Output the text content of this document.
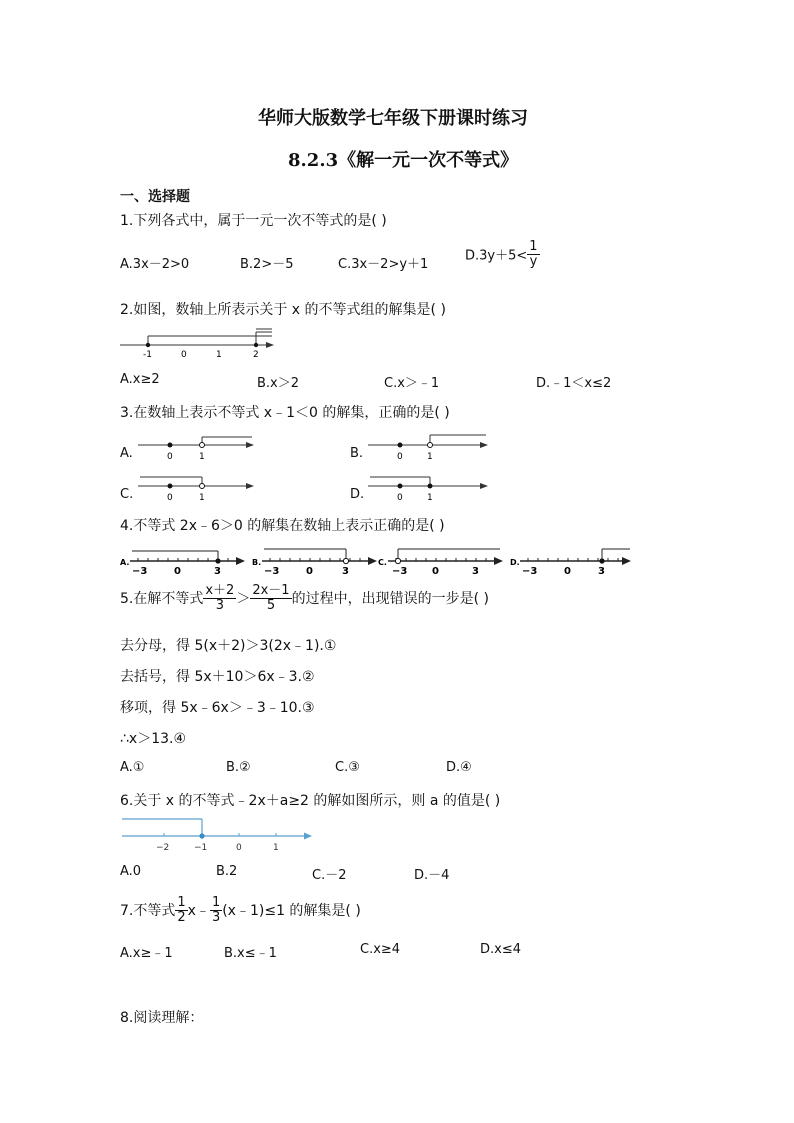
华师大版数学七年级下册课时练习
8.2.3《解一元一次不等式》
一、选择题
1.下列各式中，属于一元一次不等式的是( )
A.3x－2>0	B.2>－5	C.3x－2>y＋1
$D.3y+5< \frac{1}{y}$
2.如图，数轴上所表示关于 x 的不等式组的解集是( )
-1	0	1	2
A.x≥2	B.x＞2	C.x＞﹣1	D.﹣1＜x≤2
3.在数轴上表示不等式 x﹣1＜0 的解集，正确的是( )
A.	0	1	B.	0	1
C.	0	1	D.	0	1
4.不等式 2x﹣6＞0 的解集在数轴上表示正确的是( )
A.
−3	0	3
B.
−3	0	3
C.
−3 0	3
D.
−3	0	3
5.在解不等式 $\frac{x+2}{3} > \frac{2x-1}{5}$ 的过程中，出现错误的一步是( )
去分母，得 5(x＋2)＞3(2x﹣1).①
去括号，得 5x＋10＞6x﹣3.②
移项，得 5x﹣6x＞﹣3﹣10.③
∴x＞13.④
A.①	B.②	C.③	D.④
6.关于 x 的不等式﹣2x＋a≥2 的解如图所示，则 a 的值是( )
−2	−1	0	1
A.0	B.2	C.－2	D.－4
7.不等式 $\frac{1}{2}$ x﹣ $\frac{1}{3}$ (x﹣1)≤1 的解集是( )
A.x≥﹣1	B.x≤﹣1	C.x≥4	D.x≤4
8.阅读理解：
